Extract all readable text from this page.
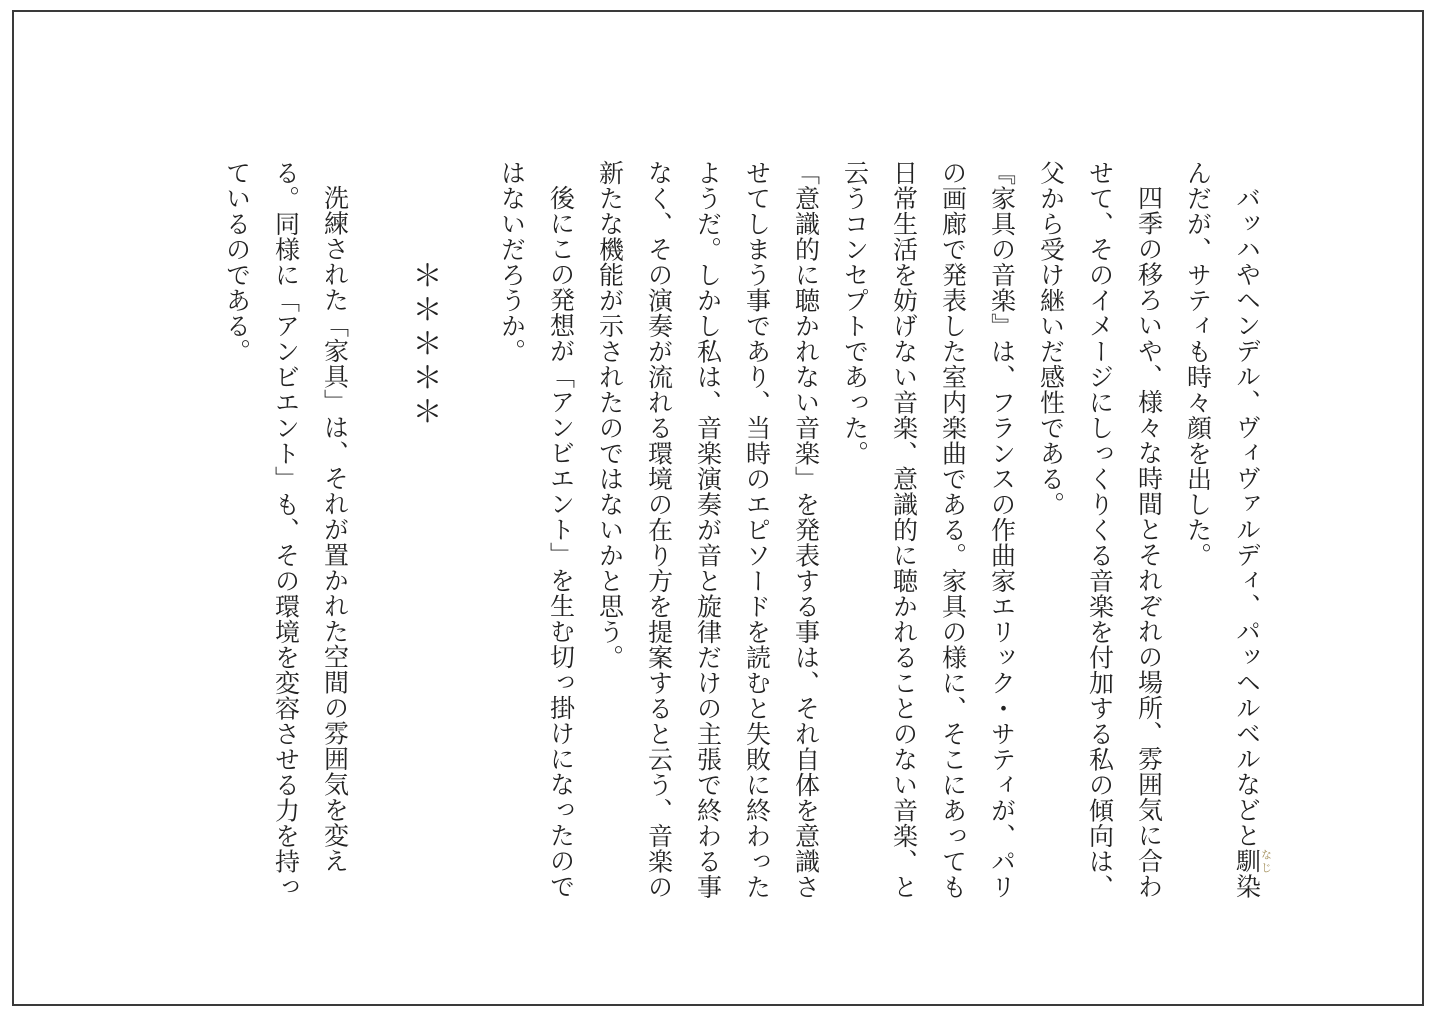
バッハやヘンデル、ヴィヴァルディ、パッヘルベルなどと馴なじ染んだが、サティも時々顔を出した。

四季の移ろいや、様々な時間とそれぞれの場所、雰囲気に合わせて、そのイメージにしっくりくる音楽を付加する私の傾向は、父から受け継いだ感性である。

『家具の音楽』は、フランスの作曲家エリック・サティが、パリの画廊で発表した室内楽曲である。家具の様に、そこにあっても日常生活を妨げない音楽、意識的に聴かれることのない音楽、と云うコンセプトであった。

「意識的に聴かれない音楽」を発表する事は、それ自体を意識させてしまう事であり、当時のエピソードを読むと失敗に終わったようだ。しかし私は、音楽演奏が音と旋律だけの主張で終わる事なく、その演奏が流れる環境の在り方を提案すると云う、音楽の新たな機能が示されたのではないかと思う。

後にこの発想が「アンビエント」を生む切っ掛けになったのではないだろうか。

＊＊＊＊＊

洗練された「家具」は、それが置かれた空間の雰囲気を変える。同様に「アンビエント」も、その環境を変容させる力を持っているのである。
